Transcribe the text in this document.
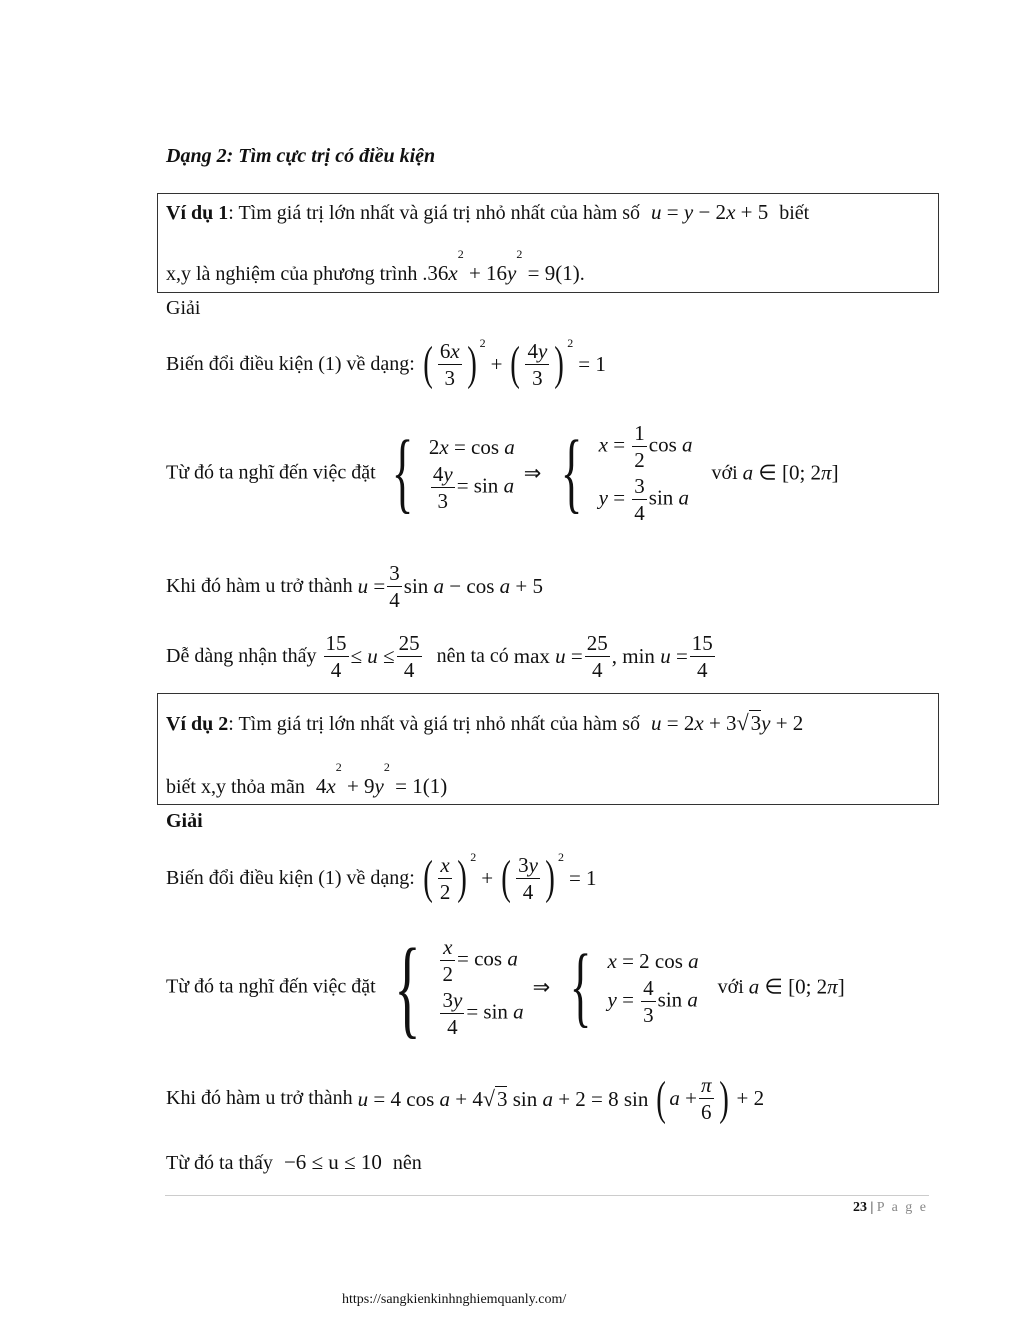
Dạng 2: Tìm cực trị có điều kiện
Ví dụ 1: Tìm giá trị lớn nhất và giá trị nhỏ nhất của hàm số u = y − 2x + 5 biết
x,y là nghiệm của phương trình $.36x^2 + 16y^2 = 9(1)$.
Giải
Biến đổi điều kiện (1) về dạng: ( $\frac{6x}{3}$ ) $^2$ + ( $\frac{4y}{3}$ ) $^2$ = 1
Từ đó ta nghĩ đến việc đặt { 2x = cos a
$\frac{4y}{3} = \sin a$
⇒ { $x = \frac{1}{2}$ cos a
$y = \frac{3}{4}$ sin a
với a ∈ [0; 2π]
Khi đó hàm u trở thành $u = \frac{3}{4}$ sin a − cos a + 5
Dễ dàng nhận thấy $\frac{15}{4} \le u \le \frac{25}{4}$ nên ta có $\max u = \frac{25}{4}$ , $\min u = \frac{15}{4}$
Ví dụ 2: Tìm giá trị lớn nhất và giá trị nhỏ nhất của hàm số u = 2x + 3√3y + 2
biết x,y thỏa mãn $4x^2 + 9y^2 = 1(1)$
Giải
Biến đổi điều kiện (1) về dạng: ( $\frac{x}{2}$ ) $^2$ + ( $\frac{3y}{4}$ ) $^2$ = 1
Từ đó ta nghĩ đến việc đặt { $\frac{x}{2} = \cos a$
$\frac{3y}{4} = \sin a$
⇒ { x = 2 cos a
$y = \frac{4}{3}$ sin a
với a ∈ [0; 2π]
Khi đó hàm u trở thành u = 4 cos a + 4√3 sin a + 2 = 8 sin ( $a + \frac{\pi}{6}$ ) + 2
Từ đó ta thấy −6 ≤ u ≤ 10 nên
23 | P a g e
https://sangkienkinhnghiemquanly.com/
